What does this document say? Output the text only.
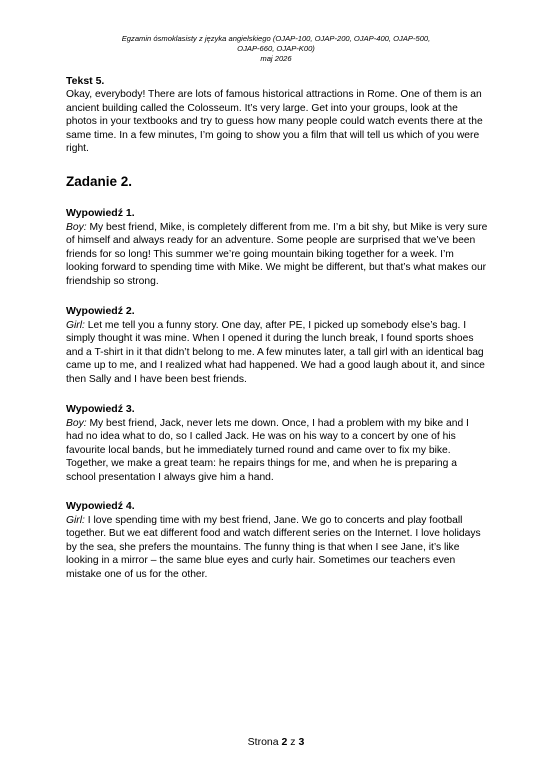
Egzamin ósmoklasisty z języka angielskiego (OJAP-100, OJAP-200, OJAP-400, OJAP-500,
OJAP-660, OJAP-K00)
maj 2026
Tekst 5.
Okay, everybody! There are lots of famous historical attractions in Rome. One of them is an ancient building called the Colosseum. It’s very large. Get into your groups, look at the photos in your textbooks and try to guess how many people could watch events there at the same time. In a few minutes, I’m going to show you a film that will tell us which of you were right.
Zadanie 2.
Wypowiedź 1.
Boy: My best friend, Mike, is completely different from me. I’m a bit shy, but Mike is very sure of himself and always ready for an adventure. Some people are surprised that we’ve been friends for so long! This summer we’re going mountain biking together for a week. I’m looking forward to spending time with Mike. We might be different, but that’s what makes our friendship so strong.
Wypowiedź 2.
Girl: Let me tell you a funny story. One day, after PE, I picked up somebody else’s bag. I simply thought it was mine. When I opened it during the lunch break, I found sports shoes and a T-shirt in it that didn’t belong to me. A few minutes later, a tall girl with an identical bag came up to me, and I realized what had happened. We had a good laugh about it, and since then Sally and I have been best friends.
Wypowiedź 3.
Boy: My best friend, Jack, never lets me down. Once, I had a problem with my bike and I had no idea what to do, so I called Jack. He was on his way to a concert by one of his favourite local bands, but he immediately turned round and came over to fix my bike. Together, we make a great team: he repairs things for me, and when he is preparing a school presentation I always give him a hand.
Wypowiedź 4.
Girl: I love spending time with my best friend, Jane. We go to concerts and play football together. But we eat different food and watch different series on the Internet. I love holidays by the sea, she prefers the mountains. The funny thing is that when I see Jane, it’s like looking in a mirror – the same blue eyes and curly hair. Sometimes our teachers even mistake one of us for the other.
Strona 2 z 3
